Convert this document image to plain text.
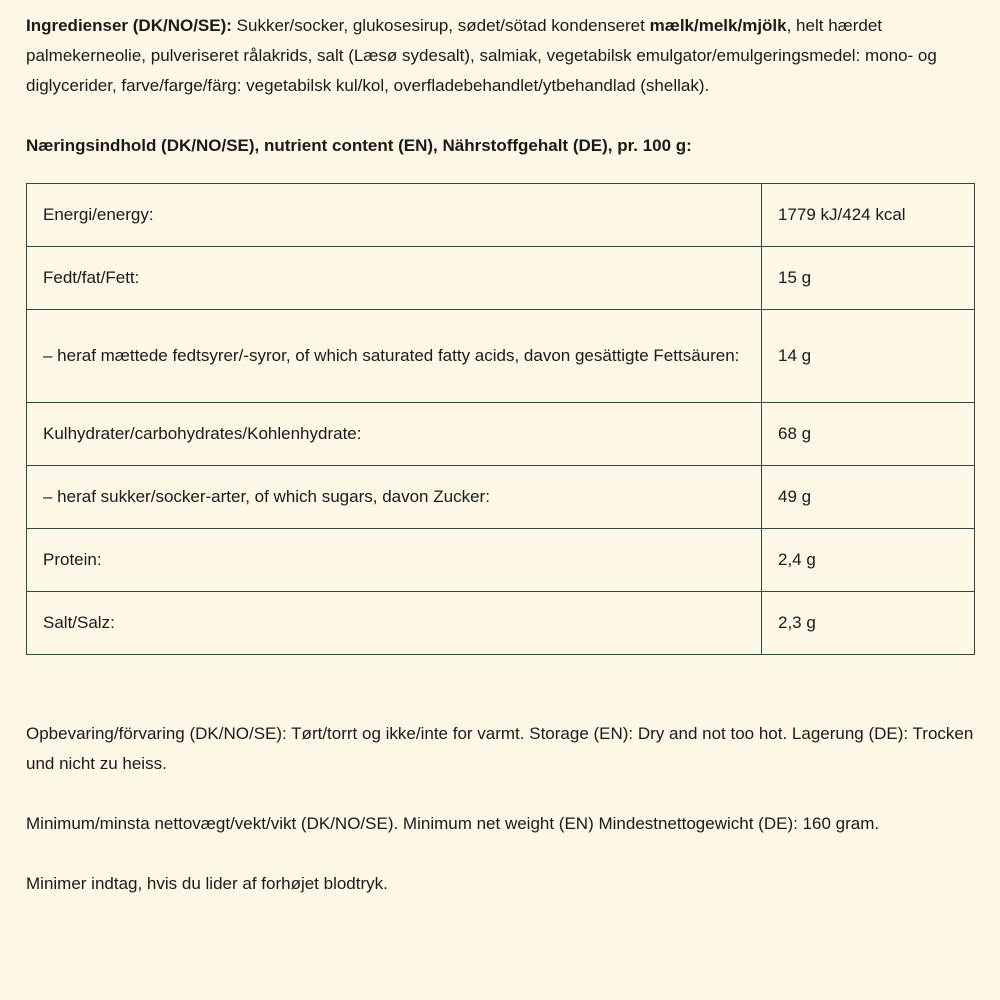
Ingredienser (DK/NO/SE): Sukker/socker, glukosesirup, sødet/sötad kondenseret mælk/melk/mjölk, helt hærdet palmekerneolie, pulveriseret rålakrids, salt (Læsø sydesalt), salmiak, vegetabilsk emulgator/emulgeringsmedel: mono- og diglycerider, farve/farge/färg: vegetabilsk kul/kol, overfladebehandlet/ytbehandlad (shellak).

Næringsindhold (DK/NO/SE), nutrient content (EN), Nährstoffgehalt (DE), pr. 100 g:

Energi/energy:	1779 kJ/424 kcal
Fedt/fat/Fett:	15 g
– heraf mættede fedtsyrer/-syror, of which saturated fatty acids, davon gesättigte Fettsäuren:	14 g
Kulhydrater/carbohydrates/Kohlenhydrate:	68 g
– heraf sukker/socker-arter, of which sugars, davon Zucker:	49 g
Protein:	2,4 g
Salt/Salz:	2,3 g

Opbevaring/förvaring (DK/NO/SE): Tørt/torrt og ikke/inte for varmt. Storage (EN): Dry and not too hot. Lagerung (DE): Trocken und nicht zu heiss.

Minimum/minsta nettovægt/vekt/vikt (DK/NO/SE). Minimum net weight (EN) Mindestnettogewicht (DE): 160 gram.

Minimer indtag, hvis du lider af forhøjet blodtryk.
